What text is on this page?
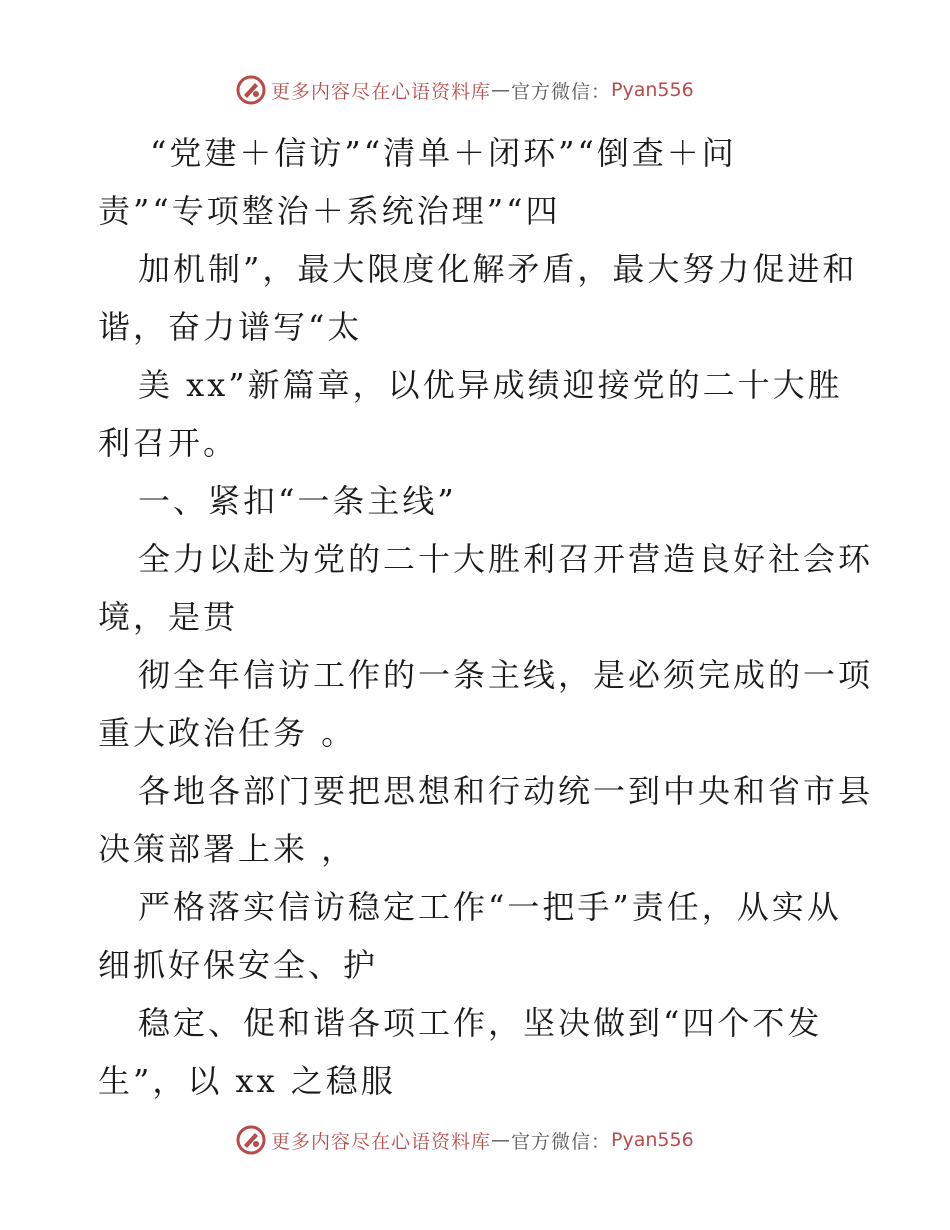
更多内容尽在心语资料库 — 官方微信： Pyan556
“党建＋信访”“清单＋闭环”“倒查＋问
责”“专项整治＋系统治理”“四
加机制”，最大限度化解矛盾，最大努力促进和
谐，奋力谱写“太
美 xx”新篇章，以优异成绩迎接党的二十大胜
利召开。
一、紧扣“一条主线”
全力以赴为党的二十大胜利召开营造良好社会环
境，是贯
彻全年信访工作的一条主线，是必须完成的一项
重大政治任务 。
各地各部门要把思想和行动统一到中央和省市县
决策部署上来 ，
严格落实信访稳定工作“一把手”责任，从实从
细抓好保安全、护
稳定、促和谐各项工作，坚决做到“四个不发
生”，以 xx 之稳服
更多内容尽在心语资料库 — 官方微信： Pyan556
